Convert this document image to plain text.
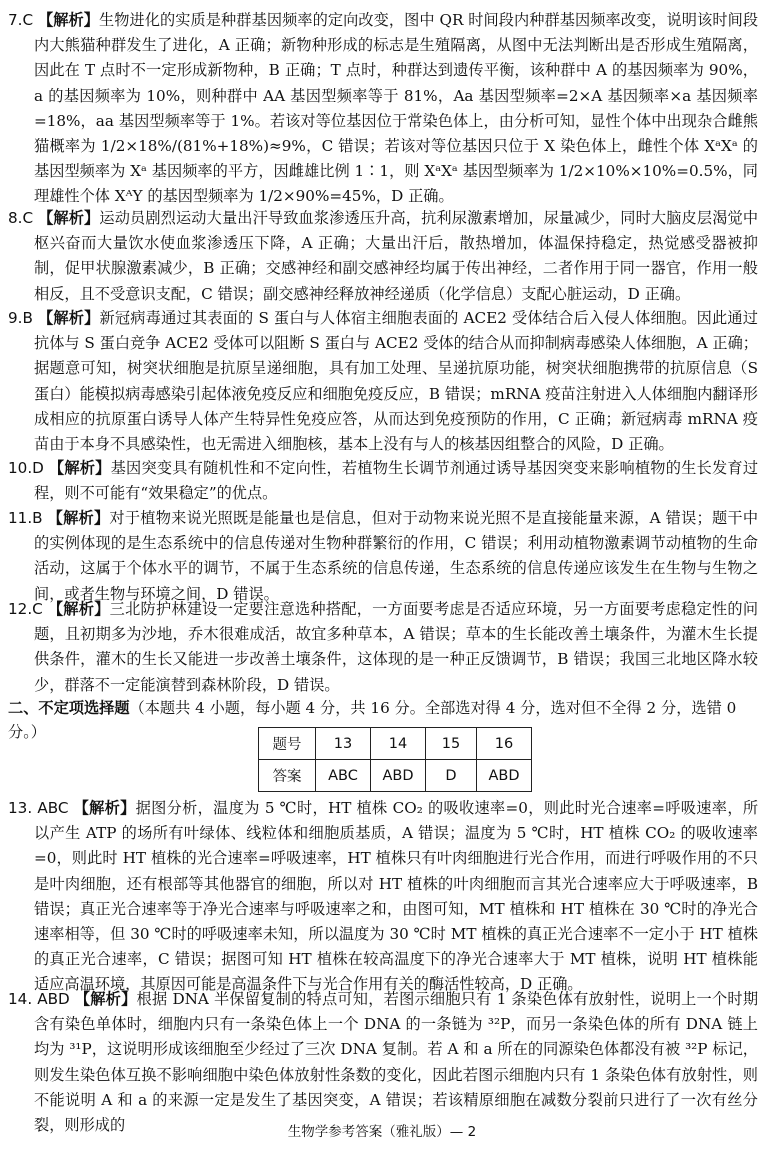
7.C 【解析】生物进化的实质是种群基因频率的定向改变，图中 QR 时间段内种群基因频率改变，说明该时间段内大熊猫种群发生了进化，A 正确；新物种形成的标志是生殖隔离，从图中无法判断出是否形成生殖隔离，因此在 T 点时不一定形成新物种，B 正确；T 点时，种群达到遗传平衡，该种群中 A 的基因频率为 90%，a 的基因频率为 10%，则种群中 AA 基因型频率等于 81%，Aa 基因型频率=2×A 基因频率×a 基因频率=18%，aa 基因型频率等于 1%。若该对等位基因位于常染色体上，由分析可知，显性个体中出现杂合雌熊猫概率为 1/2×18%/(81%+18%)≈9%，C 错误；若该对等位基因只位于 X 染色体上，雌性个体 XᵃXᵃ 的基因型频率为 Xᵃ 基因频率的平方，因雌雄比例 1∶1，则 XᵃXᵃ 基因型频率为 1/2×10%×10%=0.5%，同理雄性个体 XᴬY 的基因型频率为 1/2×90%=45%，D 正确。
8.C 【解析】运动员剧烈运动大量出汗导致血浆渗透压升高，抗利尿激素增加，尿量减少，同时大脑皮层渴觉中枢兴奋而大量饮水使血浆渗透压下降，A 正确；大量出汗后，散热增加，体温保持稳定，热觉感受器被抑制，促甲状腺激素减少，B 正确；交感神经和副交感神经均属于传出神经，二者作用于同一器官，作用一般相反，且不受意识支配，C 错误；副交感神经释放神经递质（化学信息）支配心脏运动，D 正确。
9.B 【解析】新冠病毒通过其表面的 S 蛋白与人体宿主细胞表面的 ACE2 受体结合后入侵人体细胞。因此通过抗体与 S 蛋白竞争 ACE2 受体可以阻断 S 蛋白与 ACE2 受体的结合从而抑制病毒感染人体细胞，A 正确；据题意可知，树突状细胞是抗原呈递细胞，具有加工处理、呈递抗原功能，树突状细胞携带的抗原信息（S 蛋白）能模拟病毒感染引起体液免疫反应和细胞免疫反应，B 错误；mRNA 疫苗注射进入人体细胞内翻译形成相应的抗原蛋白诱导人体产生特异性免疫应答，从而达到免疫预防的作用，C 正确；新冠病毒 mRNA 疫苗由于本身不具感染性，也无需进入细胞核，基本上没有与人的核基因组整合的风险，D 正确。
10.D 【解析】基因突变具有随机性和不定向性，若植物生长调节剂通过诱导基因突变来影响植物的生长发育过程，则不可能有“效果稳定”的优点。
11.B 【解析】对于植物来说光照既是能量也是信息，但对于动物来说光照不是直接能量来源，A 错误；题干中的实例体现的是生态系统中的信息传递对生物种群繁衍的作用，C 错误；利用动植物激素调节动植物的生命活动，这属于个体水平的调节，不属于生态系统的信息传递，生态系统的信息传递应该发生在生物与生物之间，或者生物与环境之间，D 错误。
12.C 【解析】三北防护林建设一定要注意选种搭配，一方面要考虑是否适应环境，另一方面要考虑稳定性的问题，且初期多为沙地，乔木很难成活，故宜多种草本，A 错误；草本的生长能改善土壤条件，为灌木生长提供条件，灌木的生长又能进一步改善土壤条件，这体现的是一种正反馈调节，B 错误；我国三北地区降水较少，群落不一定能演替到森林阶段，D 错误。
二、不定项选择题（本题共 4 小题，每小题 4 分，共 16 分。全部选对得 4 分，选对但不全得 2 分，选错 0 分。）
题号	13	14	15	16
答案	ABC	ABD	D	ABD
13. ABC 【解析】据图分析，温度为 5 ℃时，HT 植株 CO₂ 的吸收速率=0，则此时光合速率=呼吸速率，所以产生 ATP 的场所有叶绿体、线粒体和细胞质基质，A 错误；温度为 5 ℃时，HT 植株 CO₂ 的吸收速率=0，则此时 HT 植株的光合速率=呼吸速率，HT 植株只有叶肉细胞进行光合作用，而进行呼吸作用的不只是叶肉细胞，还有根部等其他器官的细胞，所以对 HT 植株的叶肉细胞而言其光合速率应大于呼吸速率，B 错误；真正光合速率等于净光合速率与呼吸速率之和，由图可知，MT 植株和 HT 植株在 30 ℃时的净光合速率相等，但 30 ℃时的呼吸速率未知，所以温度为 30 ℃时 MT 植株的真正光合速率不一定小于 HT 植株的真正光合速率，C 错误；据图可知 HT 植株在较高温度下的净光合速率大于 MT 植株，说明 HT 植株能适应高温环境，其原因可能是高温条件下与光合作用有关的酶活性较高，D 正确。
14. ABD 【解析】根据 DNA 半保留复制的特点可知，若图示细胞只有 1 条染色体有放射性，说明上一个时期含有染色单体时，细胞内只有一条染色体上一个 DNA 的一条链为 ³²P，而另一条染色体的所有 DNA 链上均为 ³¹P，这说明形成该细胞至少经过了三次 DNA 复制。若 A 和 a 所在的同源染色体都没有被 ³²P 标记，则发生染色体互换不影响细胞中染色体放射性条数的变化，因此若图示细胞内只有 1 条染色体有放射性，则不能说明 A 和 a 的来源一定是发生了基因突变，A 错误；若该精原细胞在减数分裂前只进行了一次有丝分裂，则形成的	生物学参考答案（雅礼版）— 2
